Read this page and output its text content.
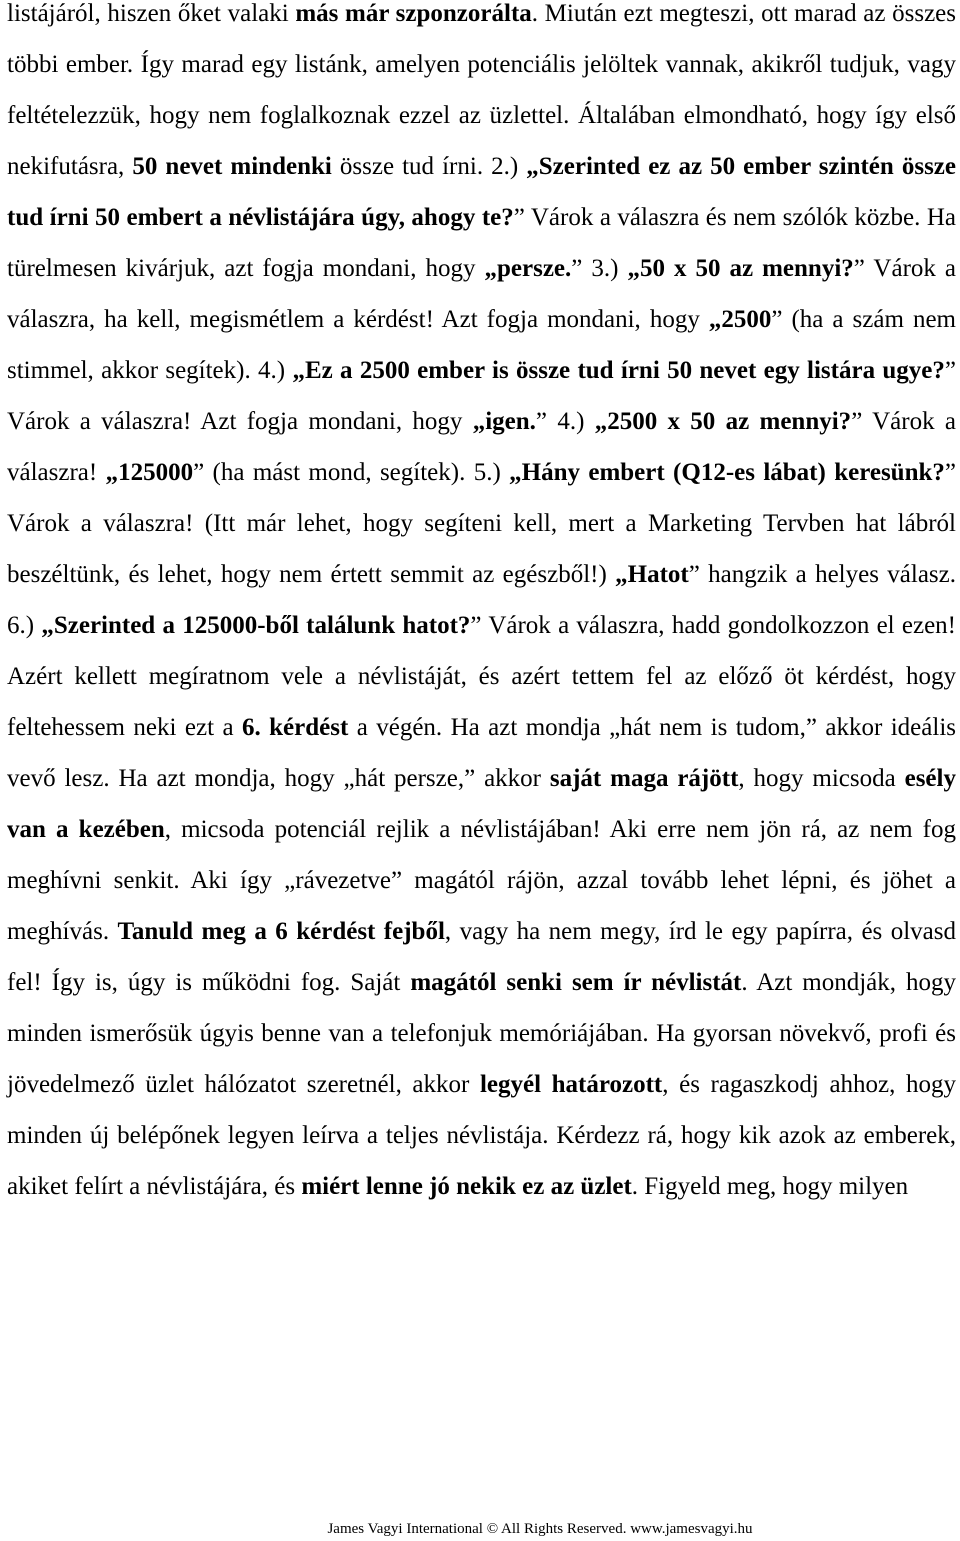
listájáról, hiszen őket valaki más már szponzorálta. Miután ezt megteszi, ott marad az összes többi ember. Így marad egy listánk, amelyen potenciális jelöltek vannak, akikről tudjuk, vagy feltételezzük, hogy nem foglalkoznak ezzel az üzlettel. Általában elmondható, hogy így első nekifutásra, 50 nevet mindenki össze tud írni. 2.) „Szerinted ez az 50 ember szintén össze tud írni 50 embert a névlistájára úgy, ahogy te?” Várok a válaszra és nem szólók közbe. Ha türelmesen kivárjuk, azt fogja mondani, hogy „persze.” 3.) „50 x 50 az mennyi?” Várok a válaszra, ha kell, megismétlem a kérdést! Azt fogja mondani, hogy „2500” (ha a szám nem stimmel, akkor segítek). 4.) „Ez a 2500 ember is össze tud írni 50 nevet egy listára ugye?” Várok a válaszra! Azt fogja mondani, hogy „igen.” 4.) „2500 x 50 az mennyi?” Várok a válaszra! „125000” (ha mást mond, segítek). 5.) „Hány embert (Q12-es lábat) keresünk?” Várok a válaszra! (Itt már lehet, hogy segíteni kell, mert a Marketing Tervben hat lábról beszéltünk, és lehet, hogy nem értett semmit az egészből!) „Hatot” hangzik a helyes válasz. 6.) „Szerinted a 125000-ből találunk hatot?” Várok a válaszra, hadd gondolkozzon el ezen! Azért kellett megíratnom vele a névlistáját, és azért tettem fel az előző öt kérdést, hogy feltehessem neki ezt a 6. kérdést a végén. Ha azt mondja „hát nem is tudom,” akkor ideális vevő lesz. Ha azt mondja, hogy „hát persze,” akkor saját maga rájött, hogy micsoda esély van a kezében, micsoda potenciál rejlik a névlistájában! Aki erre nem jön rá, az nem fog meghívni senkit. Aki így „rávezetve” magától rájön, azzal tovább lehet lépni, és jöhet a meghívás. Tanuld meg a 6 kérdést fejből, vagy ha nem megy, írd le egy papírra, és olvasd fel! Így is, úgy is működni fog. Saját magától senki sem ír névlistát. Azt mondják, hogy minden ismerősük úgyis benne van a telefonjuk memóriájában. Ha gyorsan növekvő, profi és jövedelmező üzlet hálózatot szeretnél, akkor legyél határozott, és ragaszkodj ahhoz, hogy minden új belépőnek legyen leírva a teljes névlistája. Kérdezz rá, hogy kik azok az emberek, akiket felírt a névlistájára, és miért lenne jó nekik ez az üzlet. Figyeld meg, hogy milyen

James Vagyi International © All Rights Reserved. www.jamesvagyi.hu
